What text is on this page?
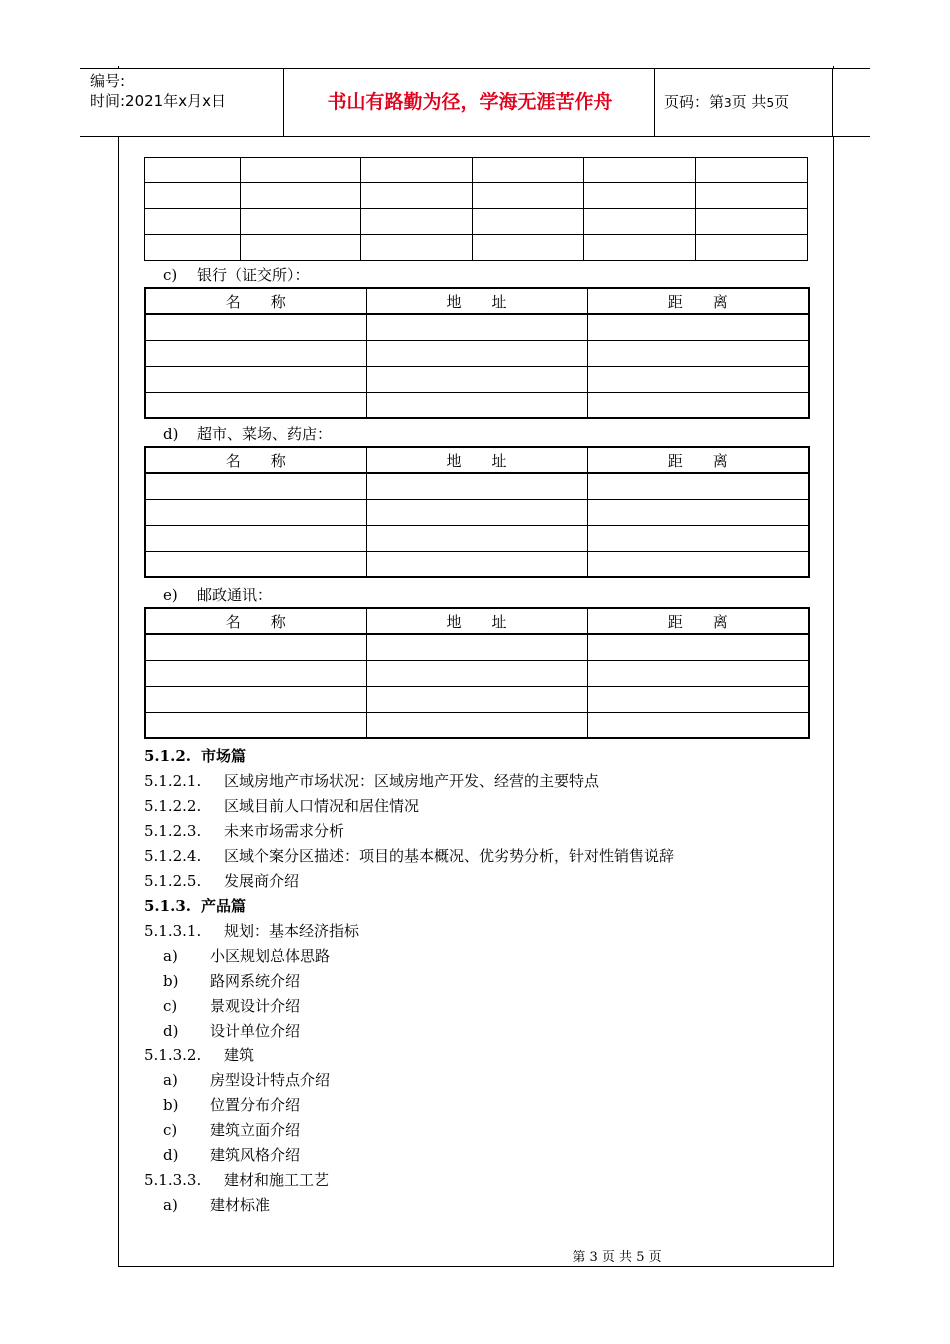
编号:
时间:2021年x月x日	书山有路勤为径，学海无涯苦作舟	页码：第3页 共5页

c) 银行（证交所）：
名　　称	地　　址	距　　离

d) 超市、菜场、药店：
名　　称	地　　址	距　　离

e) 邮政通讯：
名　　称	地　　址	距　　离

5.1.2. 市场篇
5.1.2.1. 区域房地产市场状况：区域房地产开发、经营的主要特点
5.1.2.2. 区域目前人口情况和居住情况
5.1.2.3. 未来市场需求分析
5.1.2.4. 区域个案分区描述：项目的基本概况、优劣势分析，针对性销售说辞
5.1.2.5. 发展商介绍
5.1.3. 产品篇
5.1.3.1. 规划：基本经济指标
a) 小区规划总体思路
b) 路网系统介绍
c) 景观设计介绍
d) 设计单位介绍
5.1.3.2. 建筑
a) 房型设计特点介绍
b) 位置分布介绍
c) 建筑立面介绍
d) 建筑风格介绍
5.1.3.3. 建材和施工工艺
a) 建材标准
第 3 页 共 5 页
